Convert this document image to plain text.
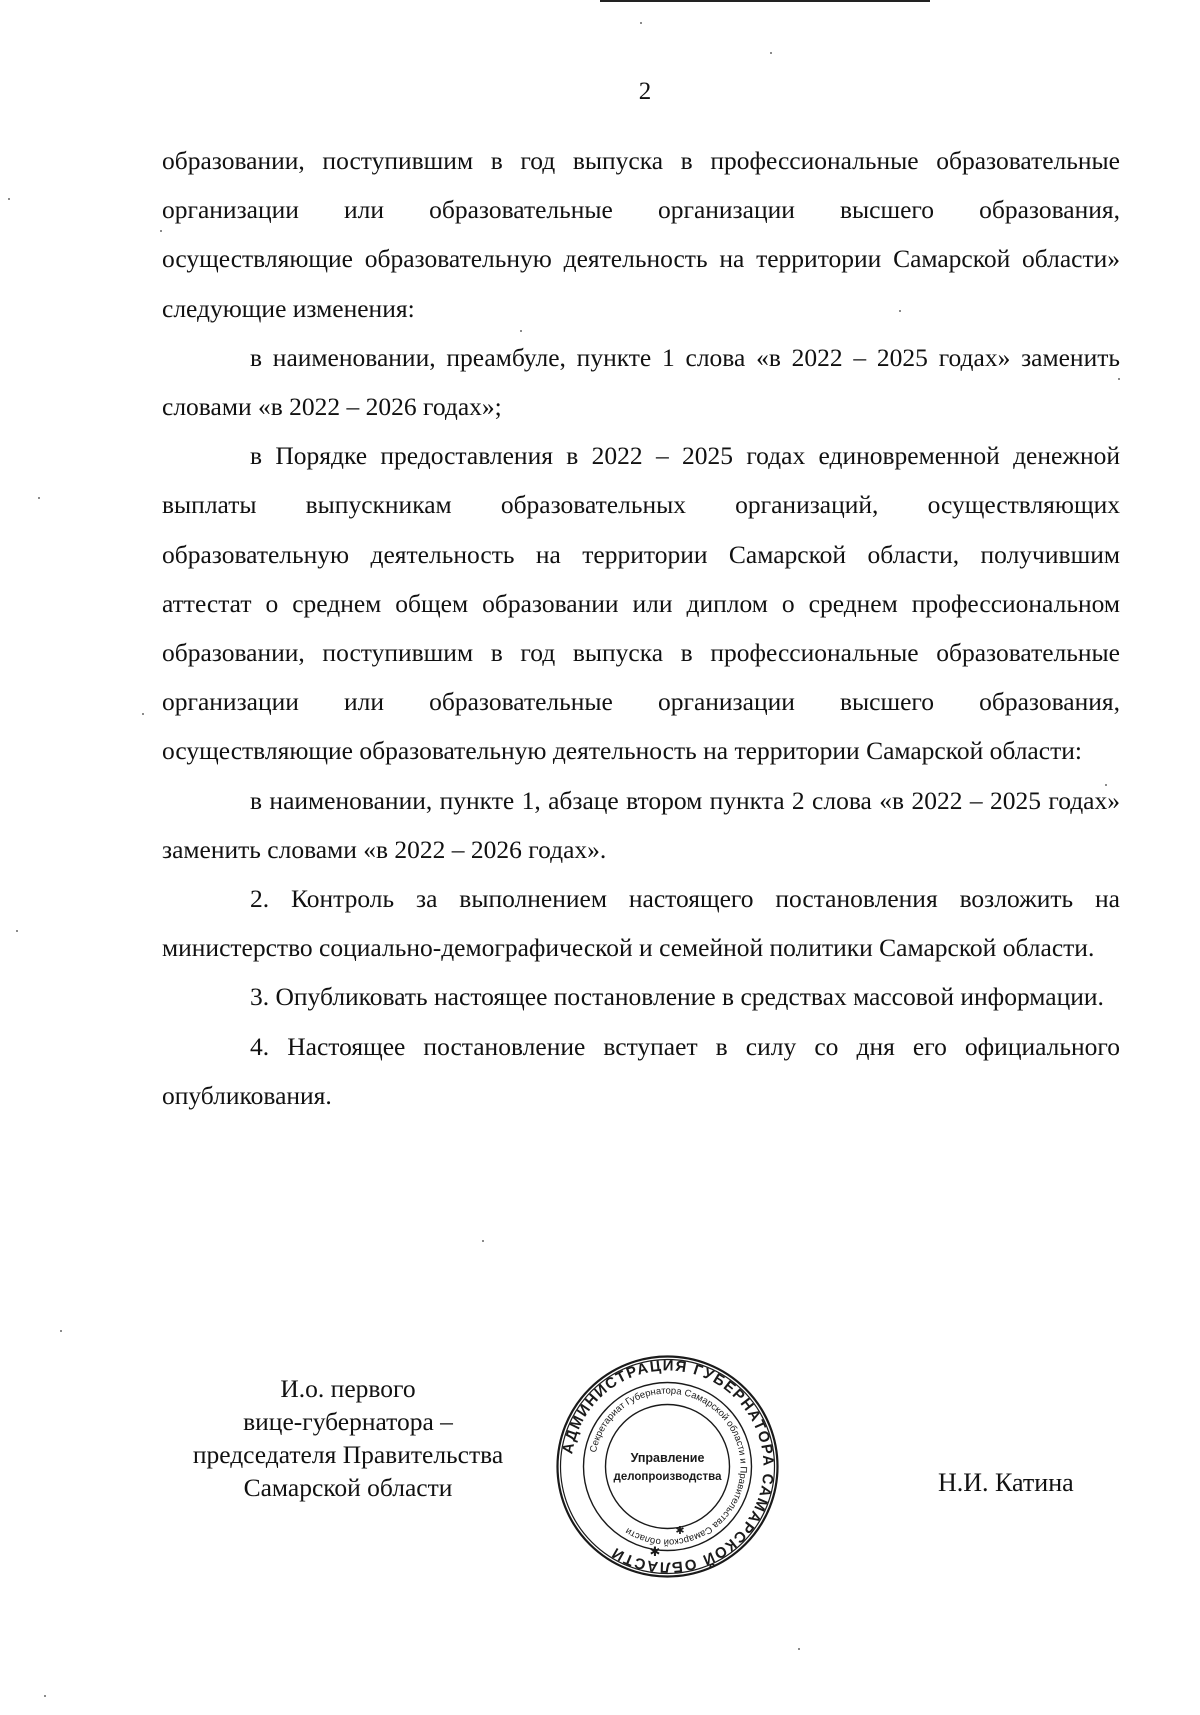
2

образовании, поступившим в год выпуска в профессиональные образовательные организации или образовательные организации высшего образования, осуществляющие образовательную деятельность на территории Самарской области» следующие изменения:

в наименовании, преамбуле, пункте 1 слова «в 2022 – 2025 годах» заменить словами «в 2022 – 2026 годах»;

в Порядке предоставления в 2022 – 2025 годах единовременной денежной выплаты выпускникам образовательных организаций, осуществляющих образовательную деятельность на территории Самарской области, получившим аттестат о среднем общем образовании или диплом о среднем профессиональном образовании, поступившим в год выпуска в профессиональные образовательные организации или образовательные организации высшего образования, осуществляющие образовательную деятельность на территории Самарской области:

в наименовании, пункте 1, абзаце втором пункта 2 слова «в 2022 – 2025 годах» заменить словами «в 2022 – 2026 годах».

2. Контроль за выполнением настоящего постановления возложить на министерство социально-демографической и семейной политики Самарской области.

3. Опубликовать настоящее постановление в средствах массовой информации.

4. Настоящее постановление вступает в силу со дня его официального опубликования.

И.о. первого
вице-губернатора –
председателя Правительства
Самарской области
АДМИНИСТРАЦИЯ ГУБЕРНАТОРА САМАРСКОЙ ОБЛАСТИ
Секретариат Губернатора Самарской области и Правительства Самарской области
Управление
делопроизводства
✱
✱
Н.И. Катина
